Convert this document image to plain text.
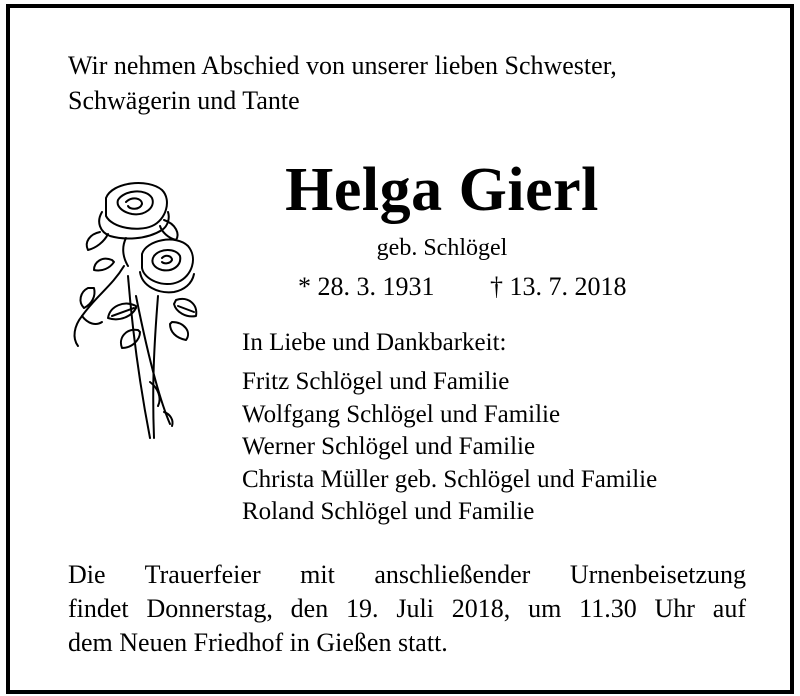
Wir nehmen Abschied von unserer lieben Schwester,
Schwägerin und Tante
Helga Gierl
geb. Schlögel
* 28. 3. 1931 † 13. 7. 2018
In Liebe und Dankbarkeit:
Fritz Schlögel und Familie
Wolfgang Schlögel und Familie
Werner Schlögel und Familie
Christa Müller geb. Schlögel und Familie
Roland Schlögel und Familie
Die Trauerfeier mit anschließender Urnenbeisetzung
findet Donnerstag, den 19. Juli 2018, um 11.30 Uhr auf
dem Neuen Friedhof in Gießen statt.
